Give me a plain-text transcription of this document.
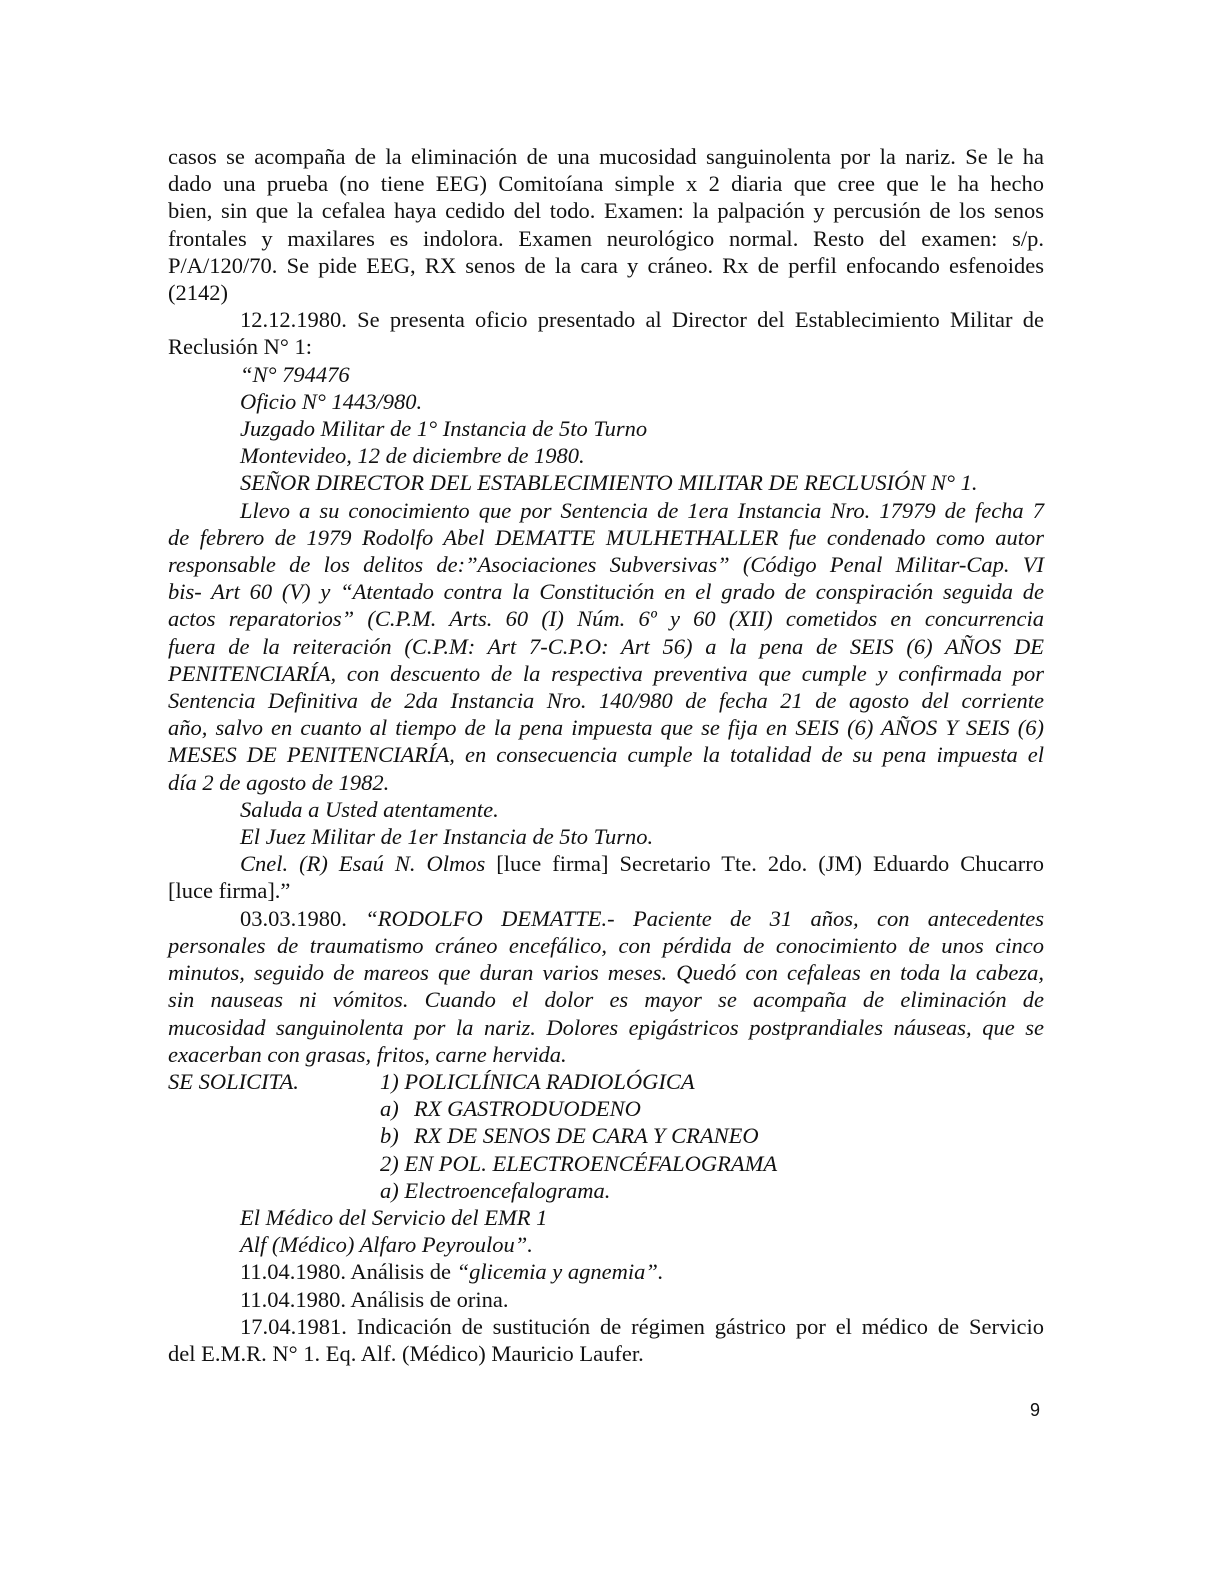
casos se acompaña de la eliminación de una mucosidad sanguinolenta por la nariz. Se le ha
dado una prueba (no tiene EEG) Comitoíana simple x 2 diaria que cree que le ha hecho
bien, sin que la cefalea haya cedido del todo. Examen: la palpación y percusión de los senos
frontales y maxilares es indolora. Examen neurológico normal. Resto del examen: s/p.
P/A/120/70. Se pide EEG, RX senos de la cara y cráneo. Rx de perfil enfocando esfenoides
(2142)
12.12.1980. Se presenta oficio presentado al Director del Establecimiento Militar de
Reclusión N° 1:
“N° 794476
Oficio N° 1443/980.
Juzgado Militar de 1° Instancia de 5to Turno
Montevideo, 12 de diciembre de 1980.
SEÑOR DIRECTOR DEL ESTABLECIMIENTO MILITAR DE RECLUSIÓN N° 1.
Llevo a su conocimiento que por Sentencia de 1era Instancia Nro. 17979 de fecha 7
de febrero de 1979 Rodolfo Abel DEMATTE MULHETHALLER fue condenado como autor
responsable de los delitos de:”Asociaciones Subversivas” (Código Penal Militar-Cap. VI
bis- Art 60 (V) y “Atentado contra la Constitución en el grado de conspiración seguida de
actos reparatorios” (C.P.M. Arts. 60 (I) Núm. 6º y 60 (XII) cometidos en concurrencia
fuera de la reiteración (C.P.M: Art 7-C.P.O: Art 56) a la pena de SEIS (6) AÑOS DE
PENITENCIARÍA, con descuento de la respectiva preventiva que cumple y confirmada por
Sentencia Definitiva de 2da Instancia Nro. 140/980 de fecha 21 de agosto del corriente
año, salvo en cuanto al tiempo de la pena impuesta que se fija en SEIS (6) AÑOS Y SEIS (6)
MESES DE PENITENCIARÍA, en consecuencia cumple la totalidad de su pena impuesta el
día 2 de agosto de 1982.
Saluda a Usted atentamente.
El Juez Militar de 1er Instancia de 5to Turno.
Cnel. (R) Esaú N. Olmos [luce firma] Secretario Tte. 2do. (JM) Eduardo Chucarro
[luce firma].”
03.03.1980. “RODOLFO DEMATTE.- Paciente de 31 años, con antecedentes
personales de traumatismo cráneo encefálico, con pérdida de conocimiento de unos cinco
minutos, seguido de mareos que duran varios meses. Quedó con cefaleas en toda la cabeza,
sin nauseas ni vómitos. Cuando el dolor es mayor se acompaña de eliminación de
mucosidad sanguinolenta por la nariz. Dolores epigástricos postprandiales náuseas, que se
exacerban con grasas, fritos, carne hervida.
SE SOLICITA.	1) POLICLÍNICA RADIOLÓGICA
a) RX GASTRODUODENO
b) RX DE SENOS DE CARA Y CRANEO
2) EN POL. ELECTROENCÉFALOGRAMA
a) Electroencefalograma.
El Médico del Servicio del EMR 1
Alf (Médico) Alfaro Peyroulou”.
11.04.1980. Análisis de “glicemia y agnemia”.
11.04.1980. Análisis de orina.
17.04.1981. Indicación de sustitución de régimen gástrico por el médico de Servicio
del E.M.R. N° 1. Eq. Alf. (Médico) Mauricio Laufer.
9
